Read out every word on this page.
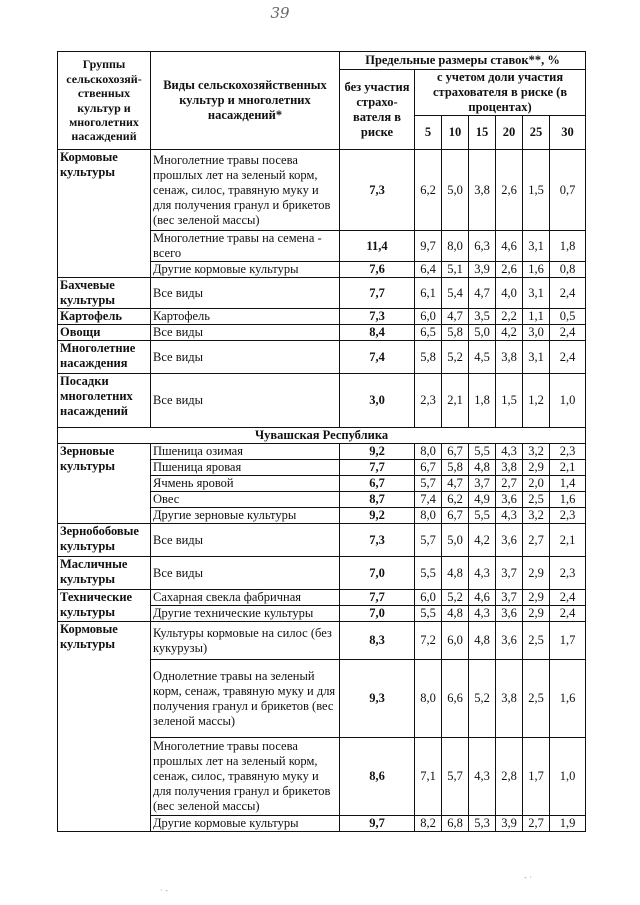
39
Группы сельскохозяй-ственных культур и многолетних насаждений	Виды сельскохозяйственных культур и многолетних насаждений*	Предельные размеры ставок**, %						
		без участия страхо-вателя в риске	с учетом доли участия страхователя в риске (в процентах)					
			5	10	15	20	25	30
Кормовые культуры	Многолетние травы посева прошлых лет на зеленый корм, сенаж, силос, травяную муку и для получения гранул и брикетов (вес зеленой массы)	7,3	6,2	5,0	3,8	2,6	1,5	0,7
	Многолетние травы на семена - всего	11,4	9,7	8,0	6,3	4,6	3,1	1,8
	Другие кормовые культуры	7,6	6,4	5,1	3,9	2,6	1,6	0,8
Бахчевые культуры	Все виды	7,7	6,1	5,4	4,7	4,0	3,1	2,4
Картофель	Картофель	7,3	6,0	4,7	3,5	2,2	1,1	0,5
Овощи	Все виды	8,4	6,5	5,8	5,0	4,2	3,0	2,4
Многолетние насаждения	Все виды	7,4	5,8	5,2	4,5	3,8	3,1	2,4
Посадки многолетних насаждений	Все виды	3,0	2,3	2,1	1,8	1,5	1,2	1,0
Чувашская Республика								
Зерновые культуры	Пшеница озимая	9,2	8,0	6,7	5,5	4,3	3,2	2,3
	Пшеница яровая	7,7	6,7	5,8	4,8	3,8	2,9	2,1
	Ячмень яровой	6,7	5,7	4,7	3,7	2,7	2,0	1,4
	Овес	8,7	7,4	6,2	4,9	3,6	2,5	1,6
	Другие зерновые культуры	9,2	8,0	6,7	5,5	4,3	3,2	2,3
Зернобобовые культуры	Все виды	7,3	5,7	5,0	4,2	3,6	2,7	2,1
Масличные культуры	Все виды	7,0	5,5	4,8	4,3	3,7	2,9	2,3
Технические культуры	Сахарная свекла фабричная	7,7	6,0	5,2	4,6	3,7	2,9	2,4
	Другие технические культуры	7,0	5,5	4,8	4,3	3,6	2,9	2,4
Кормовые культуры	Культуры кормовые на силос (без кукурузы)	8,3	7,2	6,0	4,8	3,6	2,5	1,7
	Однолетние травы на зеленый корм, сенаж, травяную муку и для получения гранул и брикетов (вес зеленой массы)	9,3	8,0	6,6	5,2	3,8	2,5	1,6
	Многолетние травы посева прошлых лет на зеленый корм, сенаж, силос, травяную муку и для получения гранул и брикетов (вес зеленой массы)	8,6	7,1	5,7	4,3	2,8	1,7	1,0
	Другие кормовые культуры	9,7	8,2	6,8	5,3	3,9	2,7	1,9
· -
- ·
